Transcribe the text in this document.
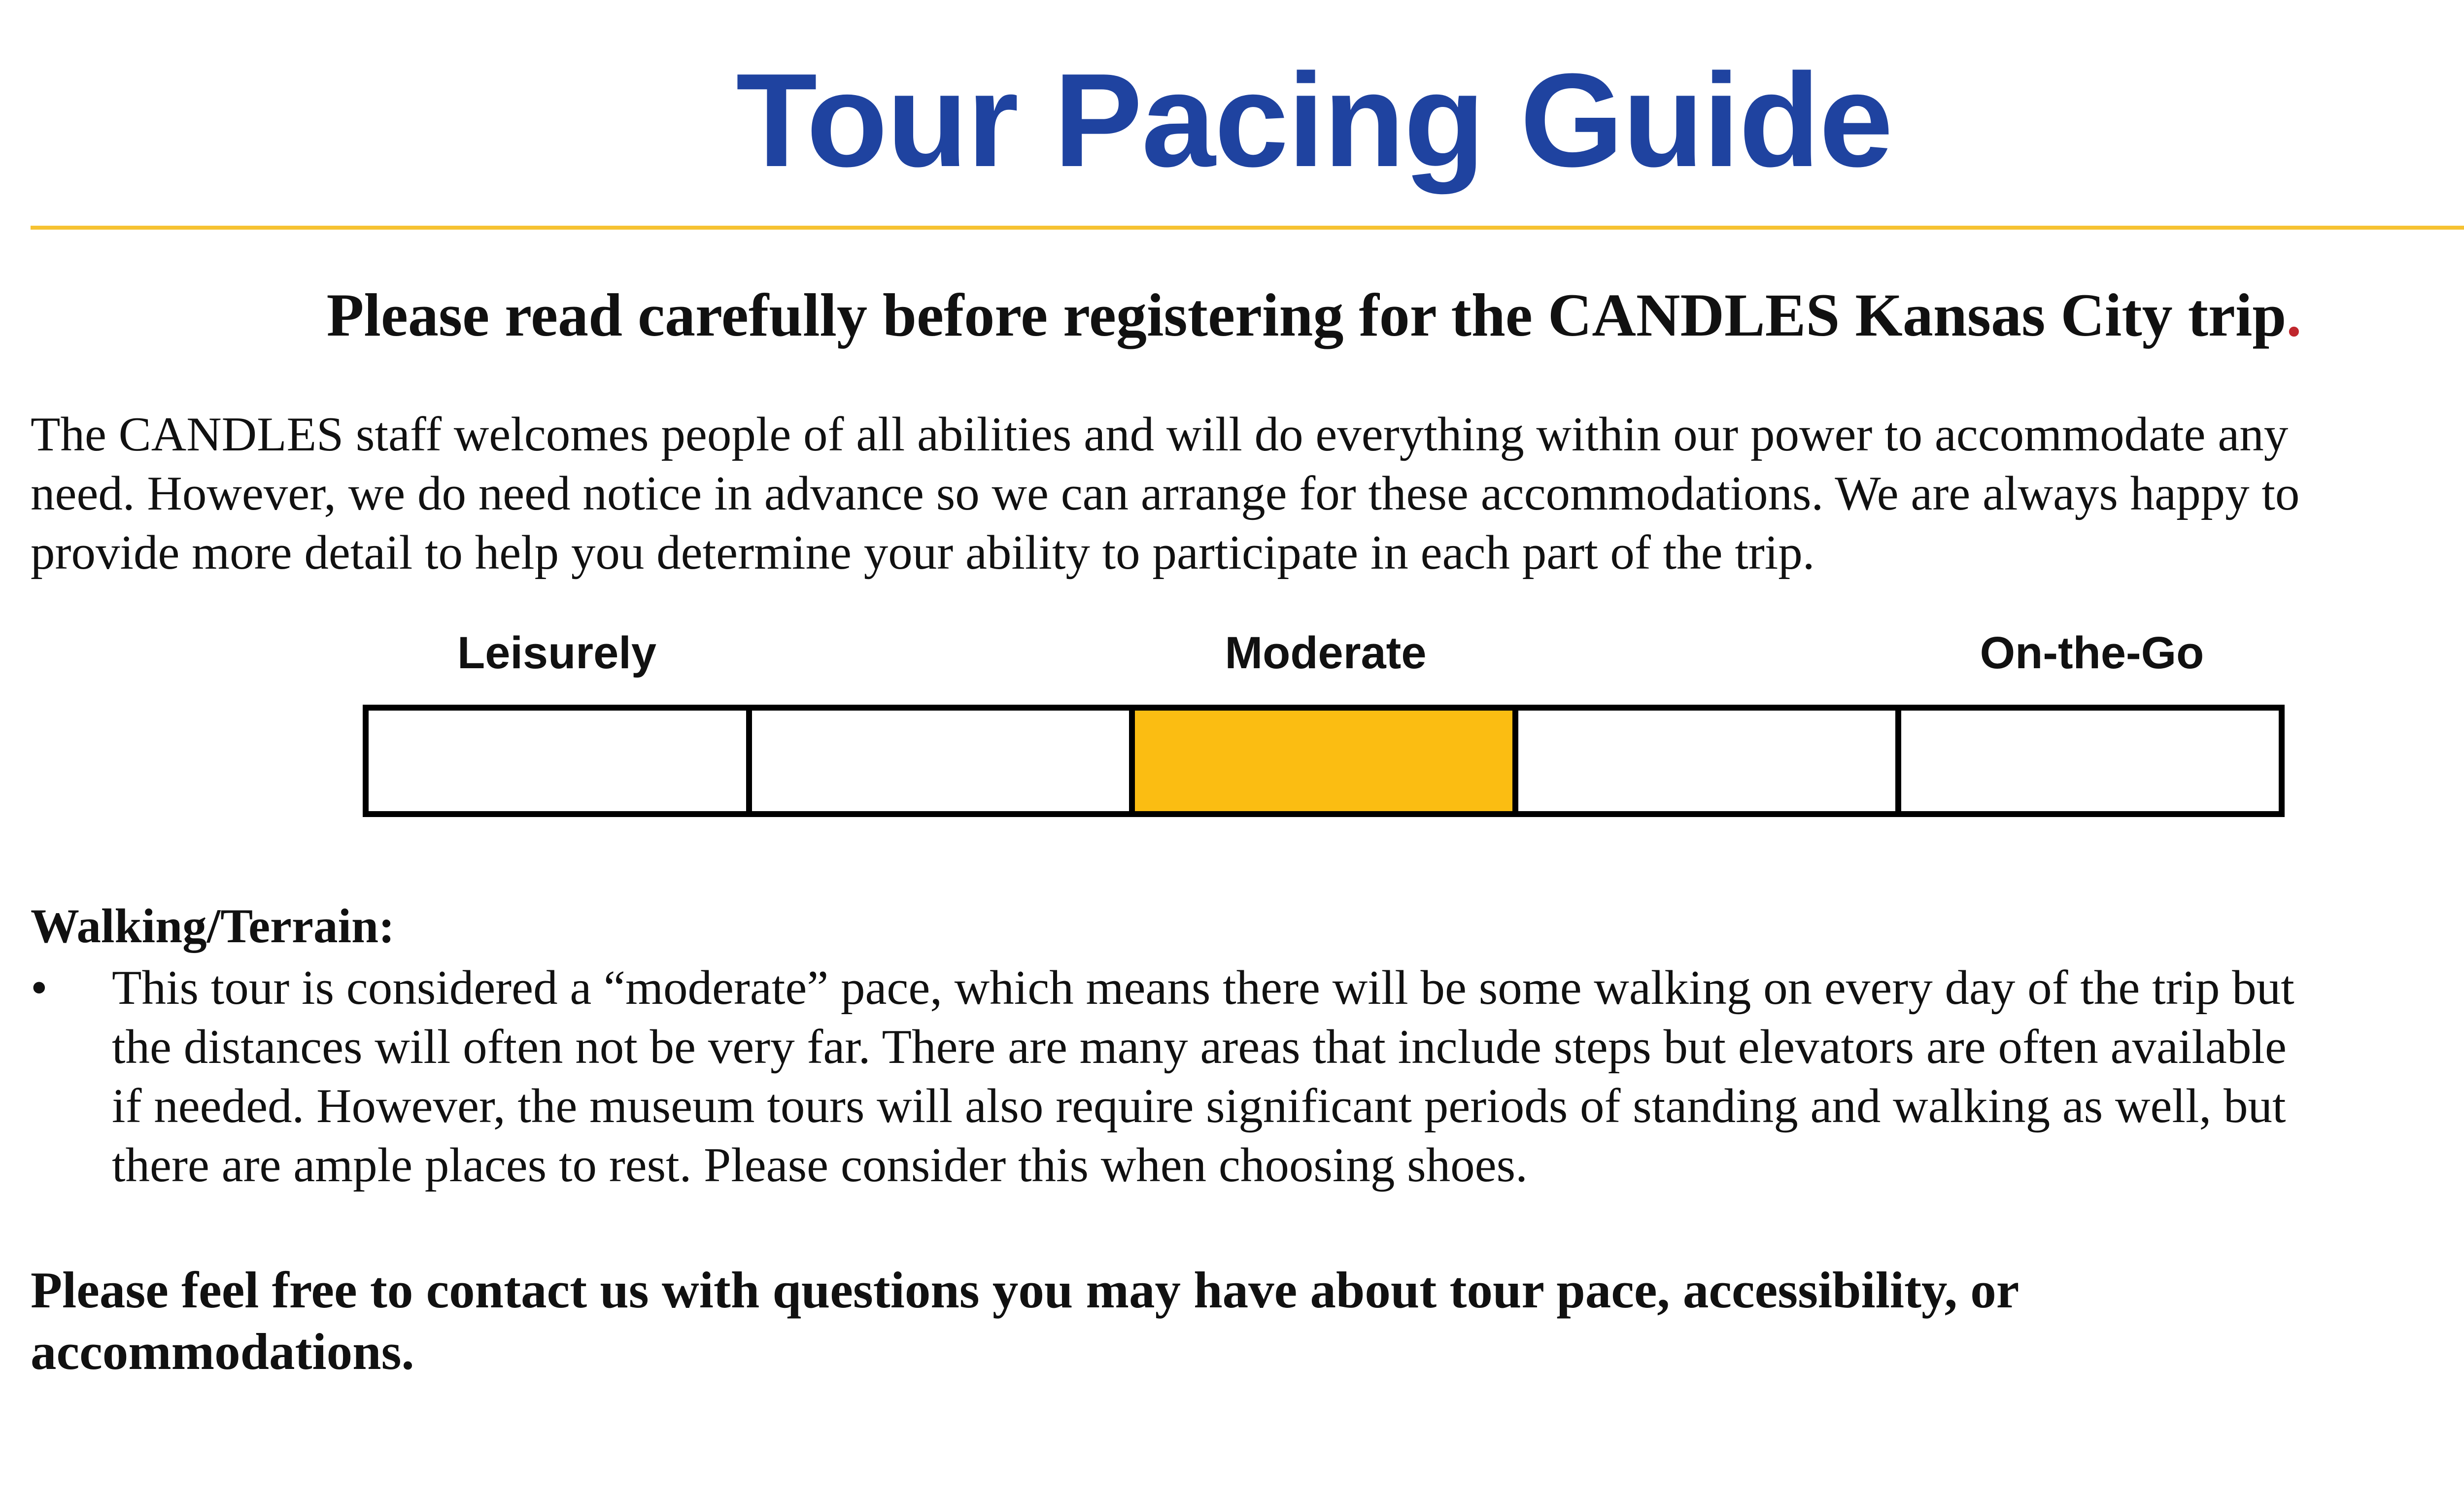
Tour Pacing Guide
Please read carefully before registering for the CANDLES Kansas City trip.
The CANDLES staff welcomes people of all abilities and will do everything within our power to accommodate any
need. However, we do need notice in advance so we can arrange for these accommodations. We are always happy to
provide more detail to help you determine your ability to participate in each part of the trip.
Leisurely	Moderate	On-the-Go
Walking/Terrain:
•	This tour is considered a “moderate” pace, which means there will be some walking on every day of the trip but
the distances will often not be very far. There are many areas that include steps but elevators are often available
if needed. However, the museum tours will also require significant periods of standing and walking as well, but
there are ample places to rest. Please consider this when choosing shoes.
Please feel free to contact us with questions you may have about tour pace, accessibility, or
accommodations.
